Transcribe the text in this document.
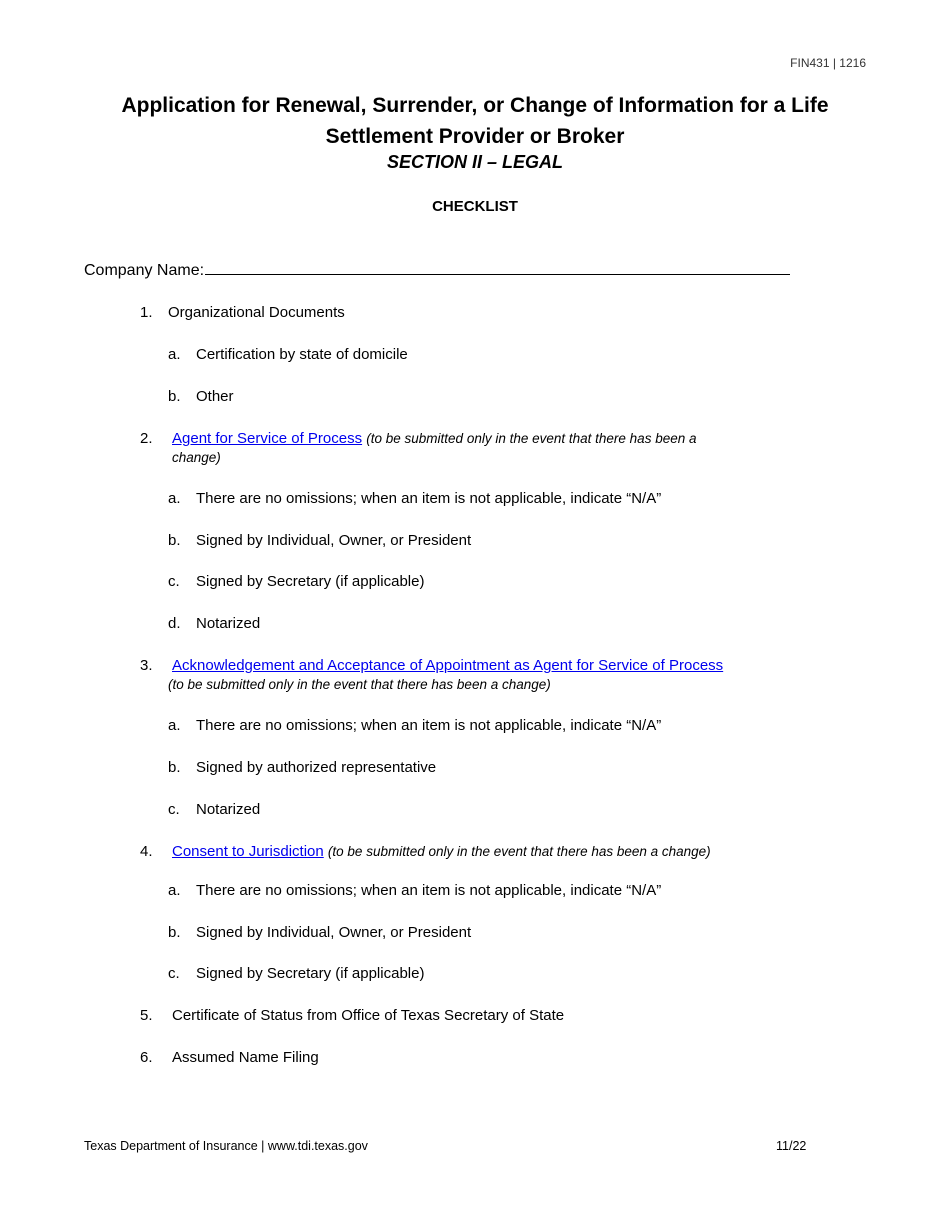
FIN431 | 1216
Application for Renewal, Surrender, or Change of Information for a Life
Settlement Provider or Broker
SECTION II – LEGAL
CHECKLIST
Company Name:
1. Organizational Documents
a. Certification by state of domicile
b. Other
2. Agent for Service of Process (to be submitted only in the event that there has been a
change)
a. There are no omissions; when an item is not applicable, indicate “N/A”
b. Signed by Individual, Owner, or President
c. Signed by Secretary (if applicable)
d. Notarized
3. Acknowledgement and Acceptance of Appointment as Agent for Service of Process
(to be submitted only in the event that there has been a change)
a. There are no omissions; when an item is not applicable, indicate “N/A”
b. Signed by authorized representative
c. Notarized
4. Consent to Jurisdiction (to be submitted only in the event that there has been a change)
a. There are no omissions; when an item is not applicable, indicate “N/A”
b. Signed by Individual, Owner, or President
c. Signed by Secretary (if applicable)
5. Certificate of Status from Office of Texas Secretary of State
6. Assumed Name Filing
Texas Department of Insurance | www.tdi.texas.gov	11/22
